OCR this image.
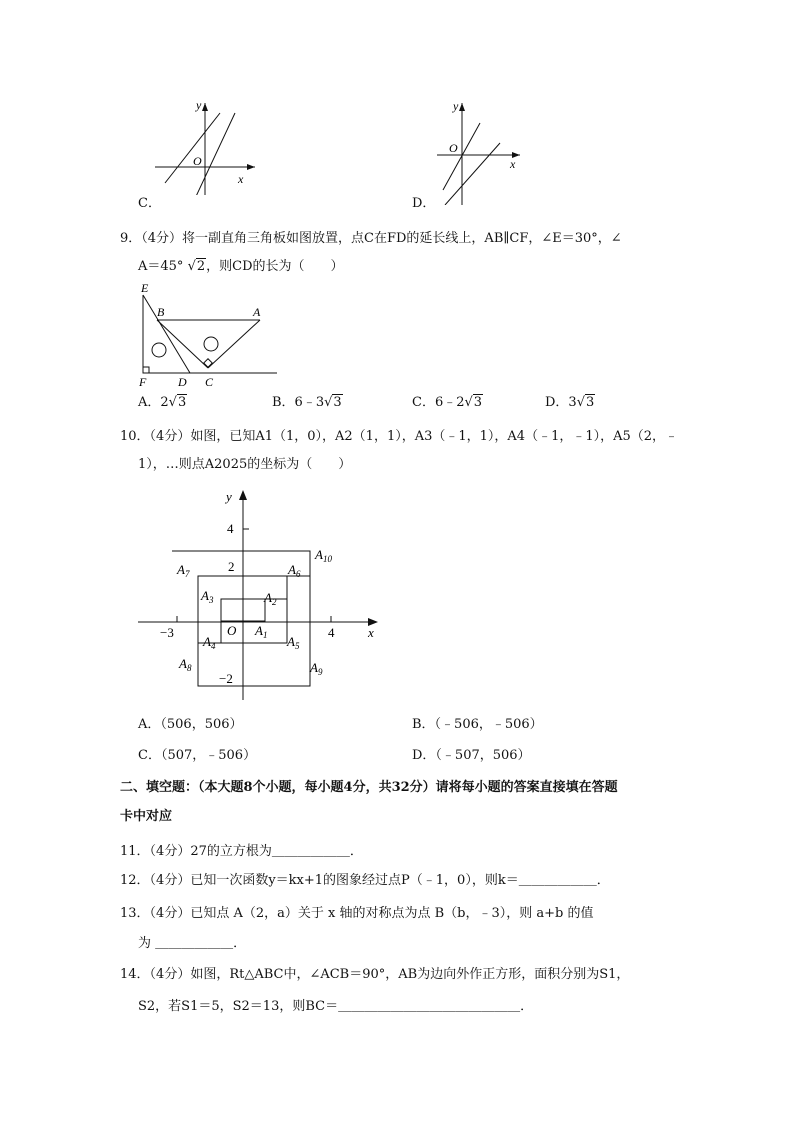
y
x
O
C．
y
x
O
D．
9．（4分）将一副直角三角板如图放置，点C在FD的延长线上，AB∥CF，∠E＝30°，∠
A＝45° √2，则CD的长为（　　）
E
B	A
F	D C
A．2√3	B．6﹣3√3	C．6﹣2√3	D．3√3
10．（4分）如图，已知A1（1，0），A2（1，1），A3（﹣1，1），A4（﹣1，﹣1），A5（2，﹣
1），…则点A2025的坐标为（　　）
y
x
O
4
2
−2
−3	4
$A_{10}$
$A_7$	$A_6$
$A_3$	$A_2$
$A_1$
$A_4$	$A_5$
$A_8$	$A_9$
A．（506，506）	B．（﹣506，﹣506）
C．（507，﹣506）	D．（﹣507，506）
二、填空题：（本大题8个小题，每小题4分，共32分）请将每小题的答案直接填在答题
卡中对应
11．（4分）27的立方根为＿＿＿＿＿＿．
12．（4分）已知一次函数y＝kx+1的图象经过点P（﹣1，0），则k＝＿＿＿＿＿＿．
13．（4分）已知点 A（2，a）关于 x 轴的对称点为点 B（b，﹣3），则 a+b 的值
为 ＿＿＿＿＿＿．
14．（4分）如图，Rt△ABC中，∠ACB＝90°，AB为边向外作正方形，面积分别为S1，
S2，若S1＝5，S2＝13，则BC＝＿＿＿＿＿＿＿＿＿＿＿＿＿＿．
